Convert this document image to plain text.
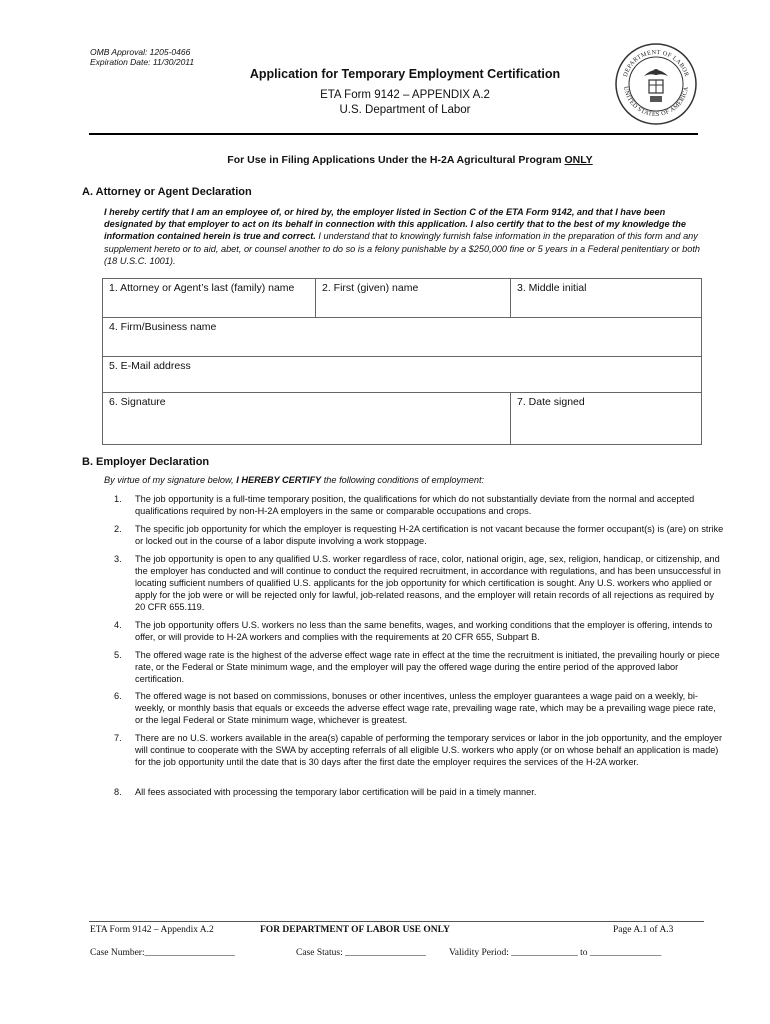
OMB Approval: 1205-0466
Expiration Date: 11/30/2011
Application for Temporary Employment Certification
ETA Form 9142 – APPENDIX A.2
U.S. Department of Labor
DEPARTMENT OF LABOR
UNITED STATES OF AMERICA
For Use in Filing Applications Under the H-2A Agricultural Program ONLY
A. Attorney or Agent Declaration
I hereby certify that I am an employee of, or hired by, the employer listed in Section C of the ETA Form 9142, and that I have been designated by that employer to act on its behalf in connection with this application. I also certify that to the best of my knowledge the information contained herein is true and correct. I understand that to knowingly furnish false information in the preparation of this form and any supplement hereto or to aid, abet, or counsel another to do so is a felony punishable by a $250,000 fine or 5 years in a Federal penitentiary or both (18 U.S.C. 1001).
1. Attorney or Agent’s last (family) name	2. First (given) name	3. Middle initial
4. Firm/Business name		
5. E-Mail address		
6. Signature		7. Date signed
B. Employer Declaration
By virtue of my signature below, I HEREBY CERTIFY the following conditions of employment:
1.	The job opportunity is a full-time temporary position, the qualifications for which do not substantially deviate from the normal and accepted qualifications required by non-H-2A employers in the same or comparable occupations and crops.
2.	The specific job opportunity for which the employer is requesting H-2A certification is not vacant because the former occupant(s) is (are) on strike or locked out in the course of a labor dispute involving a work stoppage.
3.	The job opportunity is open to any qualified U.S. worker regardless of race, color, national origin, age, sex, religion, handicap, or citizenship, and the employer has conducted and will continue to conduct the required recruitment, in accordance with regulations, and has been unsuccessful in locating sufficient numbers of qualified U.S. applicants for the job opportunity for which certification is sought. Any U.S. workers who applied or apply for the job were or will be rejected only for lawful, job-related reasons, and the employer will retain records of all rejections as required by 20 CFR 655.119.
4.	The job opportunity offers U.S. workers no less than the same benefits, wages, and working conditions that the employer is offering, intends to offer, or will provide to H-2A workers and complies with the requirements at 20 CFR 655, Subpart B.
5.	The offered wage rate is the highest of the adverse effect wage rate in effect at the time the recruitment is initiated, the prevailing hourly or piece rate, or the Federal or State minimum wage, and the employer will pay the offered wage during the entire period of the approved labor certification.
6.	The offered wage is not based on commissions, bonuses or other incentives, unless the employer guarantees a wage paid on a weekly, bi-weekly, or monthly basis that equals or exceeds the adverse effect wage rate, prevailing wage rate, which may be a prevailing wage piece rate, or the legal Federal or State minimum wage, whichever is greatest.
7.	There are no U.S. workers available in the area(s) capable of performing the temporary services or labor in the job opportunity, and the employer will continue to cooperate with the SWA by accepting referrals of all eligible U.S. workers who apply (or on whose behalf an application is made) for the job opportunity until the date that is 30 days after the first date the employer requires the services of the H-2A worker.
8.	All fees associated with processing the temporary labor certification will be paid in a timely manner.
ETA Form 9142 – Appendix A.2	FOR DEPARTMENT OF LABOR USE ONLY	Page A.1 of A.3
Case Number:___________________	Case Status: _________________ Validity Period: ______________ to _______________
